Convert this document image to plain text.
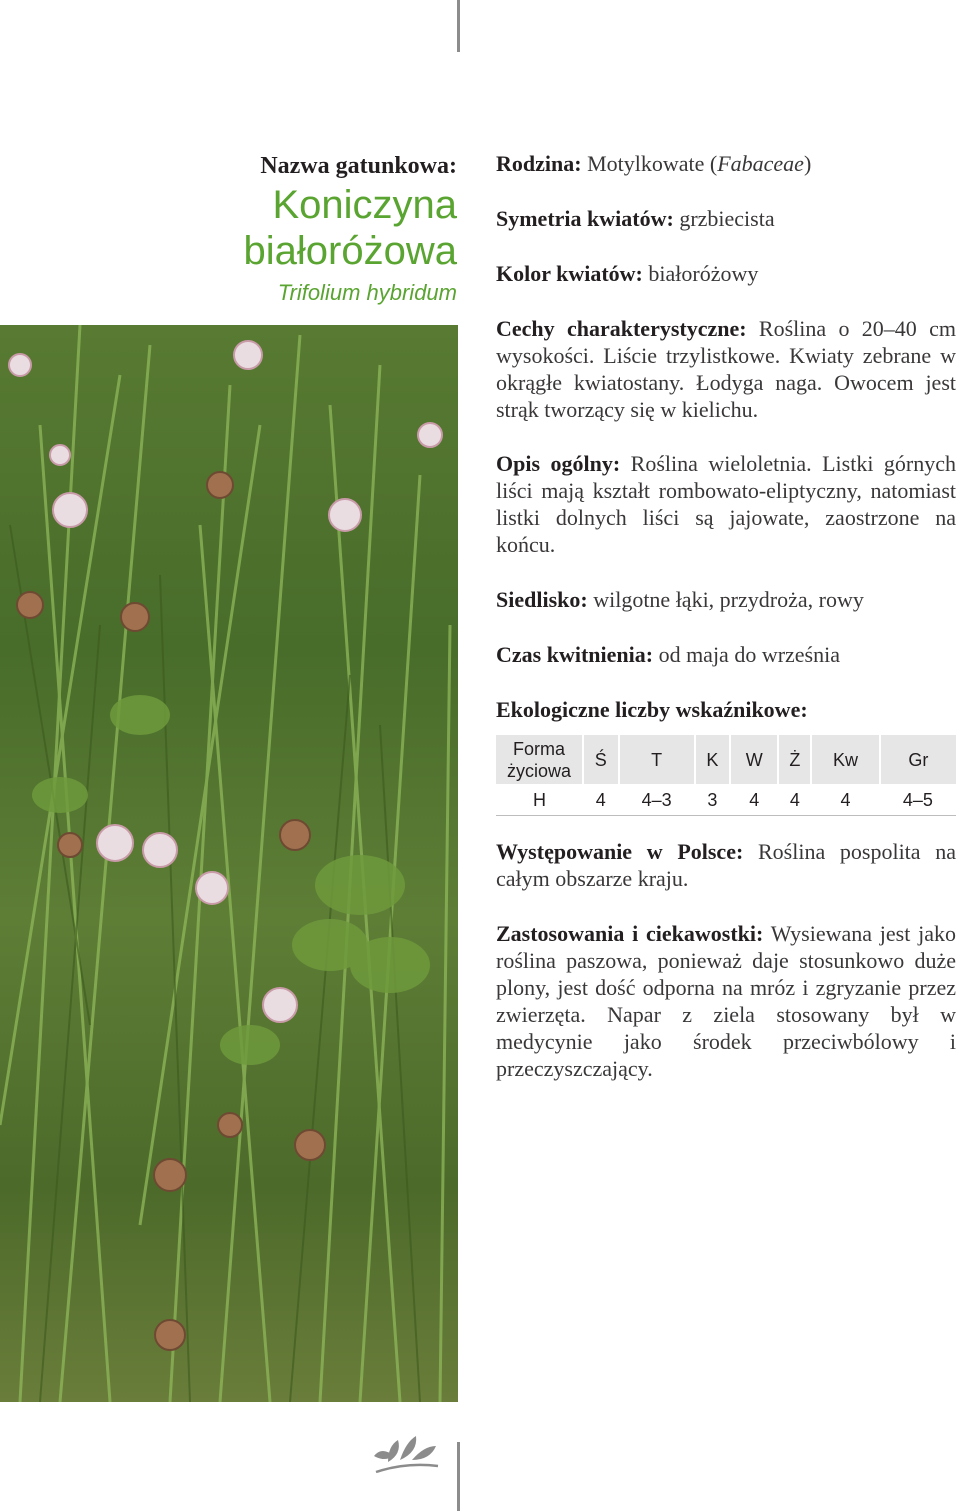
Nazwa gatunkowa:
Koniczyna
białoróżowa
Trifolium hybridum
Rodzina: Motylkowate (Fabaceae)
Symetria kwiatów: grzbiecista
Kolor kwiatów: białoróżowy
Cechy charakterystyczne: Roślina o 20–40 cm wysokości. Liście trzylistkowe. Kwiaty zebrane w okrągłe kwiatostany. Łodyga naga. Owocem jest strąk tworzący się w kielichu.
Opis ogólny: Roślina wieloletnia. Listki górnych liści mają kształt rombowato-eliptyczny, natomiast listki dolnych liści są jajowate, zaostrzone na końcu.
Siedlisko: wilgotne łąki, przydroża, rowy
Czas kwitnienia: od maja do września
Ekologiczne liczby wskaźnikowe:
Forma
życiowa	Ś	T	K	W	Ż	Kw	Gr
H	4	4–3	3	4	4	4	4–5
Występowanie w Polsce: Roślina pospolita na całym obszarze kraju.
Zastosowania i ciekawostki: Wysiewana jest jako roślina paszowa, ponieważ daje stosunkowo duże plony, jest dość odporna na mróz i zgryzanie przez zwierzęta. Napar z ziela stosowany był w medycynie jako środek przeciwbólowy i przeczyszczający.
